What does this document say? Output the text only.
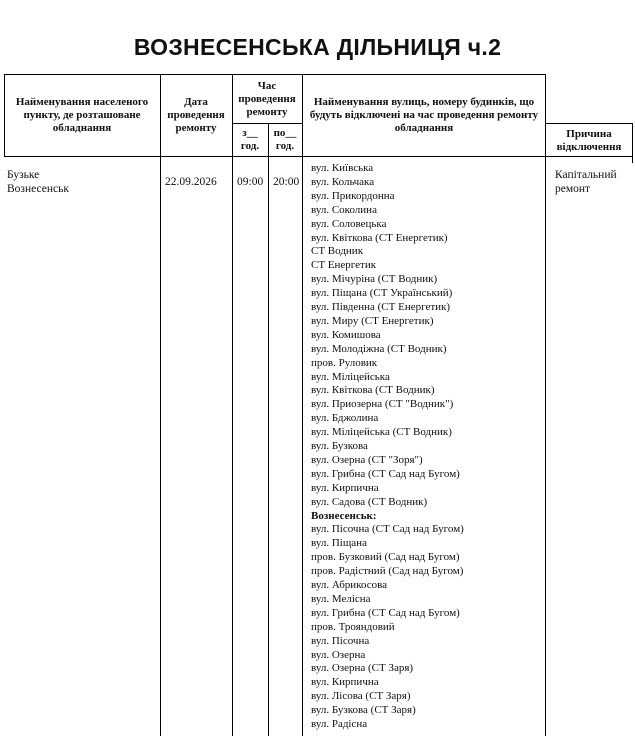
ВОЗНЕСЕНСЬКА ДІЛЬНИЦЯ ч.2
Найменування населеного пункту, де розташоване обладнання
Дата проведення ремонту
Час проведення ремонту
з__ год.
по__ год.
Найменування вулиць, номеру будинків, що будуть відключені на час проведення ремонту обладнання	Причина відключення
Бузьке
Вознесенськ
22.09.2026 09:00 20:00
Капітальний ремонт
вул. Київська
вул. Кольчака
вул. Прикордонна
вул. Соколина
вул. Соловецька
вул. Квіткова (СТ Енергетик)
СТ Водник
СТ Енергетик
вул. Мічуріна (СТ Водник)
вул. Піщана (СТ Український)
вул. Південна (СТ Енергетик)
вул. Миру (СТ Енергетик)
вул. Комишова
вул. Молодіжна (СТ Водник)
пров. Руловик
вул. Міліцейська
вул. Квіткова (СТ Водник)
вул. Приозерна (СТ "Водник")
вул. Бджолина
вул. Міліцейська (СТ Водник)
вул. Бузкова
вул. Озерна (СТ "Зоря")
вул. Грибна (СТ Сад над Бугом)
вул. Кирпична
вул. Садова (СТ Водник)
Вознесенськ:
вул. Пісочна (СТ Сад над Бугом)
вул. Піщана
пров. Бузковий (Сад над Бугом)
пров. Радістний (Сад над Бугом)
вул. Абрикосова
вул. Мелісна
вул. Грибна (СТ Сад над Бугом)
пров. Трояндовий
вул. Пісочна
вул. Озерна
вул. Озерна (СТ Заря)
вул. Кирпична
вул. Лісова (СТ Заря)
вул. Бузкова (СТ Заря)
вул. Радісна
